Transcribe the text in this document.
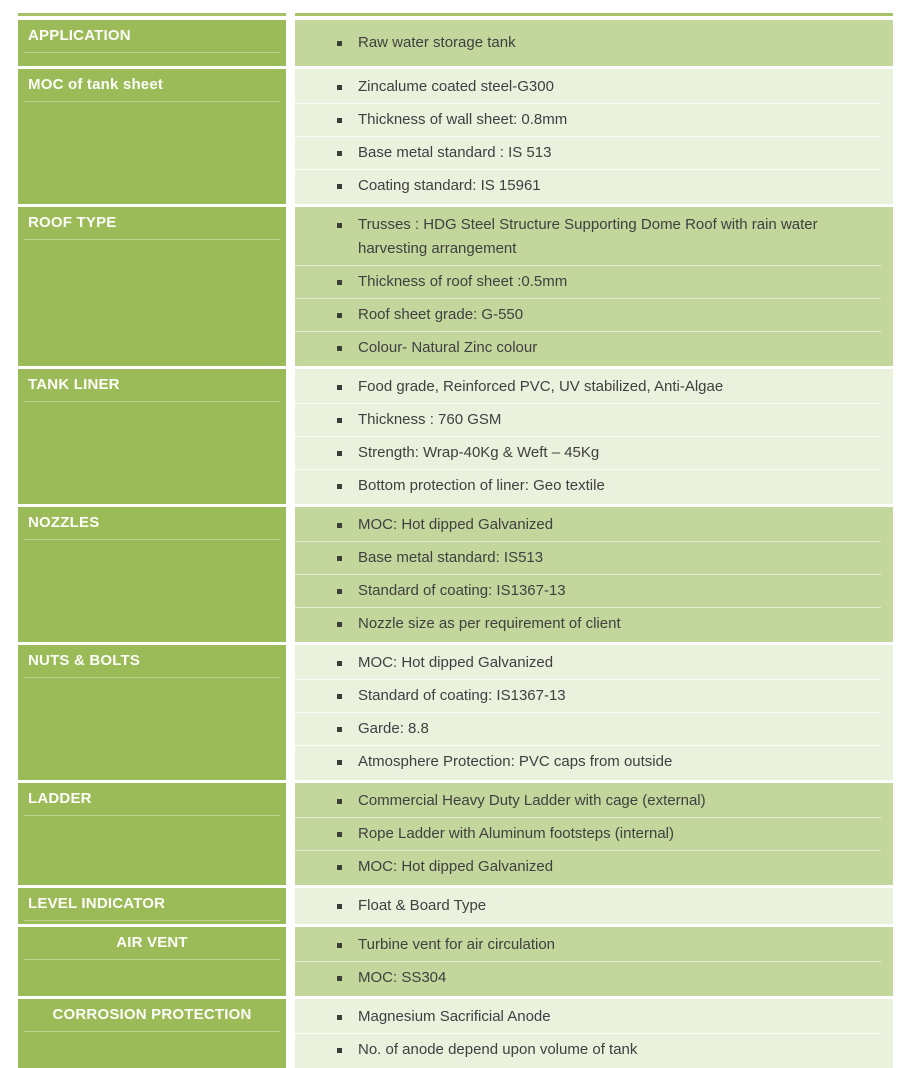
APPLICATION	Raw water storage tank
MOC of tank sheet	Zincalume coated steel-G300
Thickness of wall sheet: 0.8mm
Base metal standard : IS 513
Coating standard: IS 15961
ROOF TYPE	Trusses : HDG Steel Structure Supporting Dome Roof with rain water harvesting arrangement
Thickness of roof sheet :0.5mm
Roof sheet grade: G-550
Colour- Natural Zinc colour
TANK LINER	Food grade, Reinforced PVC, UV stabilized, Anti-Algae
Thickness : 760 GSM
Strength: Wrap-40Kg & Weft – 45Kg
Bottom protection of liner: Geo textile
NOZZLES	MOC: Hot dipped Galvanized
Base metal standard: IS513
Standard of coating: IS1367-13
Nozzle size as per requirement of client
NUTS & BOLTS	MOC: Hot dipped Galvanized
Standard of coating: IS1367-13
Garde: 8.8
Atmosphere Protection: PVC caps from outside
LADDER	Commercial Heavy Duty Ladder with cage (external)
Rope Ladder with Aluminum footsteps (internal)
MOC: Hot dipped Galvanized
LEVEL INDICATOR	Float & Board Type
AIR VENT	Turbine vent for air circulation
MOC: SS304
CORROSION PROTECTION	Magnesium Sacrificial Anode
No. of anode depend upon volume of tank
